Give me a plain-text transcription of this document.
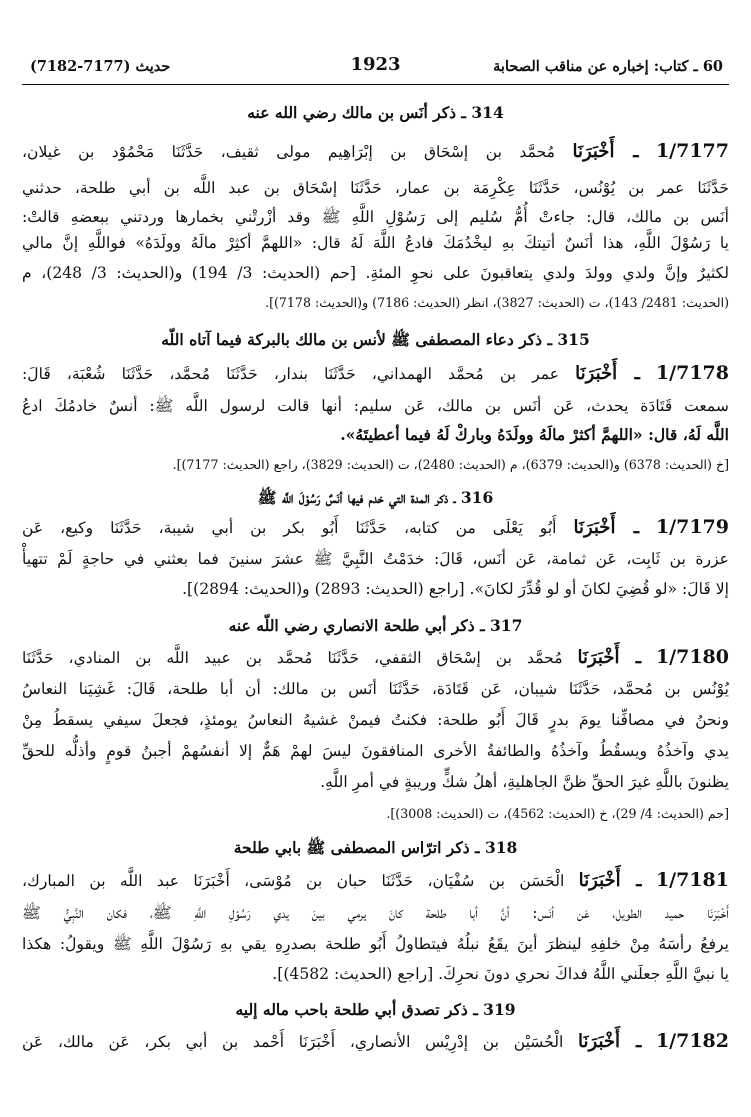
60 ـ كتاب: إخباره عن مناقب الصحابة
1923
حديث (7177-7182)

314 ـ ذكر أنَس بن مالك رضي الله عنه

1/7177 ـ أَخْبَرَنَا مُحمَّد بن إسْحَاق بن إبْرَاهِيم مولى ثقيف، حَدَّثَنَا مَحْمُوْد بن غيلان،

حَدَّثَنَا عمر بن يُوْنُس، حَدَّثَنَا عِكْرِمَة بن عمار، حَدَّثَنَا إسْحَاق بن عبد اللَّه بن أبي طلحة، حدثني

أنَس بن مالك، قال: جاءتْ أُمُّ سُليم إلى رَسُوْلِ اللَّهِ ﷺ وقد أزْرتْني بخمارها وردتني ببعضهِ قالتْ:

يا رَسُوْلَ اللَّهِ، هذا أنَسٌ أتيتكَ بهِ ليخْدُمَكَ فادعُ اللَّهَ لَهُ قال: «اللهمَّ أكثِرْ مالَهُ وولَدَهُ» فواللَّهِ إنَّ مالي

لكثيرٌ وإنَّ ولدي وولدَ ولدي يتعاقبونَ على نحوِ المئةِ. [حم (الحديث: 3/ 194) و(الحديث: 3/ 248)، م

(الحديث: 2481/ 143)، ت (الحديث: 3827)، انظر (الحديث: 7186) و(الحديث: 7178)].

315 ـ ذكر دعاء المصطفى ﷺ لأنس بن مالك بالبركة فيما آتاه اللّه

1/7178 ـ أَخْبَرَنَا عمر بن مُحمَّد الهمداني، حَدَّثَنَا بندار، حَدَّثَنَا مُحمَّد، حَدَّثَنَا شُعْبَة، قَالَ:

سمعت قَتَادَة يحدث، عَن أنَس بن مالك، عَن سليم: أنها قالت لرسول اللَّه ﷺ: أنسٌ خادمُكَ ادعُ

اللَّه لَهُ، قال: «اللهمَّ أكثرْ مالَهُ وولَدَهُ وباركْ لَهُ فيما أعطيتَهُ».

[خ (الحديث: 6378) و(الحديث: 6379)، م (الحديث: 2480)، ت (الحديث: 3829)، راجع (الحديث: 7177)].

316 ـ ذكر المدة التي خدم فيها أنَسٌ رَسُوْلَ اللَّه ﷺ

1/7179 ـ أَخْبَرَنَا أَبُو يَعْلَى من كتابه، حَدَّثَنَا أَبُو بكر بن أبي شيبة، حَدَّثَنَا وكيع، عَن

عزرة بن ثَابِت، عَن ثمامة، عَن أنَس، قَالَ: خدَمْتُ النَّبِيَّ ﷺ عشرَ سنينَ فما بعثني في حاجةٍ لَمْ تتهيأْ

إلا قَالَ: «لو قُضِيَ لكانَ أو لو قُدِّرَ لكانَ». [راجع (الحديث: 2893) و(الحديث: 2894)].

317 ـ ذكر أبي طلحة الانصاري رضي اللّه عنه

1/7180 ـ أَخْبَرَنَا مُحمَّد بن إسْحَاق الثقفي، حَدَّثَنَا مُحمَّد بن عبيد اللَّه بن المنادي، حَدَّثَنَا

يُوْنُس بن مُحمَّد، حَدَّثَنَا شيبان، عَن قَتَادَة، حَدَّثَنَا أنَس بن مالك: أن أبا طلحة، قَالَ: غَشِيَنا النعاسُ

ونحنُ في مصافِّنا يومَ بدرٍ قَالَ أَبُو طلحة: فكنتُ فيمنْ غشيهُ النعاسُ يومئذٍ، فجعلَ سيفي يسقطُ مِنْ

يدي وآخذُهُ ويسقُطُ وآخذُهُ والطائفةُ الأخرى المنافقونَ ليسَ لهمْ هَمٌّ إلا أنفسُهمْ أجبنُ قومٍ وأذلُّه للحقِّ

يظنونَ باللَّهِ غيرَ الحقِّ ظنَّ الجاهليةِ، أهلُ شكٍّ وريبةٍ في أمرِ اللَّهِ.

[حم (الحديث: 4/ 29)، خ (الحديث: 4562)، ت (الحديث: 3008)].

318 ـ ذكر اترّاس المصطفى ﷺ بابي طلحة

1/7181 ـ أَخْبَرَنَا الْحَسَن بن سُفْيَان، حَدَّثَنَا حبان بن مُوْسَى، أَخْبَرَنَا عبد اللَّه بن المبارك،

أَخْبَرَنَا حميد الطويل، عَن أنَس: أنَّ أبا طلحة كانَ يرمي بينَ يدي رَسُوْلِ اللَّهِ ﷺ، فكان النَّبِيُّ ﷺ

يرفعُ رأسَهُ مِنْ خلفِهِ لينظرَ أينَ يقَعُ نبلُهُ فيتطاولُ أَبُو طلحة بصدرِهِ يقي بهِ رَسُوْلَ اللَّهِ ﷺ ويقولُ: هكذا

يا نبيَّ اللَّهِ جعلَني اللَّهُ فداكَ نحري دونَ نحرِكَ. [راجع (الحديث: 4582)].

319 ـ ذكر تصدق أبي طلحة باحب ماله إليه

1/7182 ـ أَخْبَرَنَا الْحُسَيْن بن إدْرِيْس الأنصاري، أَخْبَرَنَا أَحْمد بن أبي بكر، عَن مالك، عَن
